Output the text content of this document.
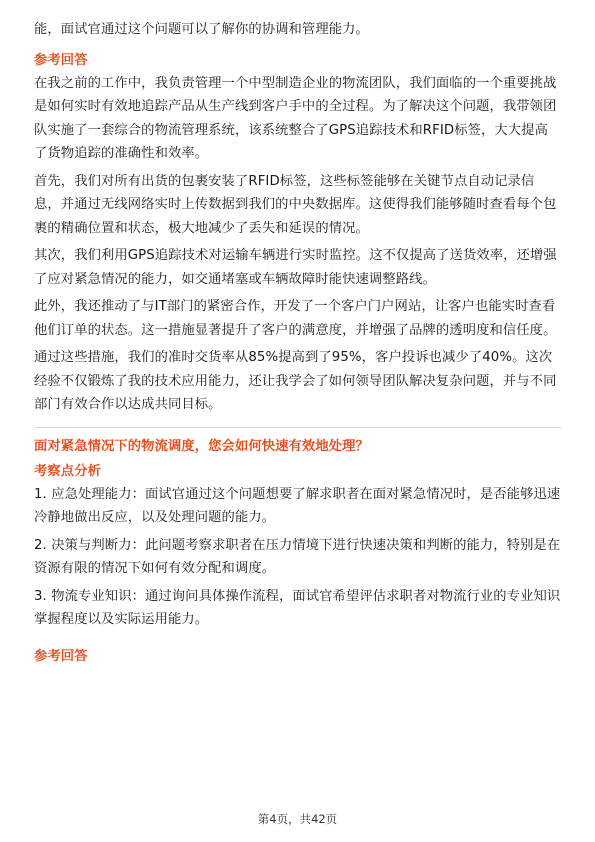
能，面试官通过这个问题可以了解你的协调和管理能力。

参考回答

在我之前的工作中，我负责管理一个中型制造企业的物流团队，我们面临的一个重要挑战是如何实时有效地追踪产品从生产线到客户手中的全过程。为了解决这个问题，我带领团队实施了一套综合的物流管理系统，该系统整合了GPS追踪技术和RFID标签，大大提高了货物追踪的准确性和效率。

首先，我们对所有出货的包裹安装了RFID标签，这些标签能够在关键节点自动记录信息，并通过无线网络实时上传数据到我们的中央数据库。这使得我们能够随时查看每个包裹的精确位置和状态，极大地减少了丢失和延误的情况。

其次，我们利用GPS追踪技术对运输车辆进行实时监控。这不仅提高了送货效率，还增强了应对紧急情况的能力，如交通堵塞或车辆故障时能快速调整路线。

此外，我还推动了与IT部门的紧密合作，开发了一个客户门户网站，让客户也能实时查看他们订单的状态。这一措施显著提升了客户的满意度，并增强了品牌的透明度和信任度。

通过这些措施，我们的准时交货率从85%提高到了95%，客户投诉也减少了40%。这次经验不仅锻炼了我的技术应用能力，还让我学会了如何领导团队解决复杂问题，并与不同部门有效合作以达成共同目标。

面对紧急情况下的物流调度，您会如何快速有效地处理？

考察点分析

1. 应急处理能力：面试官通过这个问题想要了解求职者在面对紧急情况时，是否能够迅速冷静地做出反应，以及处理问题的能力。

2. 决策与判断力：此问题考察求职者在压力情境下进行快速决策和判断的能力，特别是在资源有限的情况下如何有效分配和调度。

3. 物流专业知识：通过询问具体操作流程，面试官希望评估求职者对物流行业的专业知识掌握程度以及实际运用能力。

参考回答

第4页，共42页
